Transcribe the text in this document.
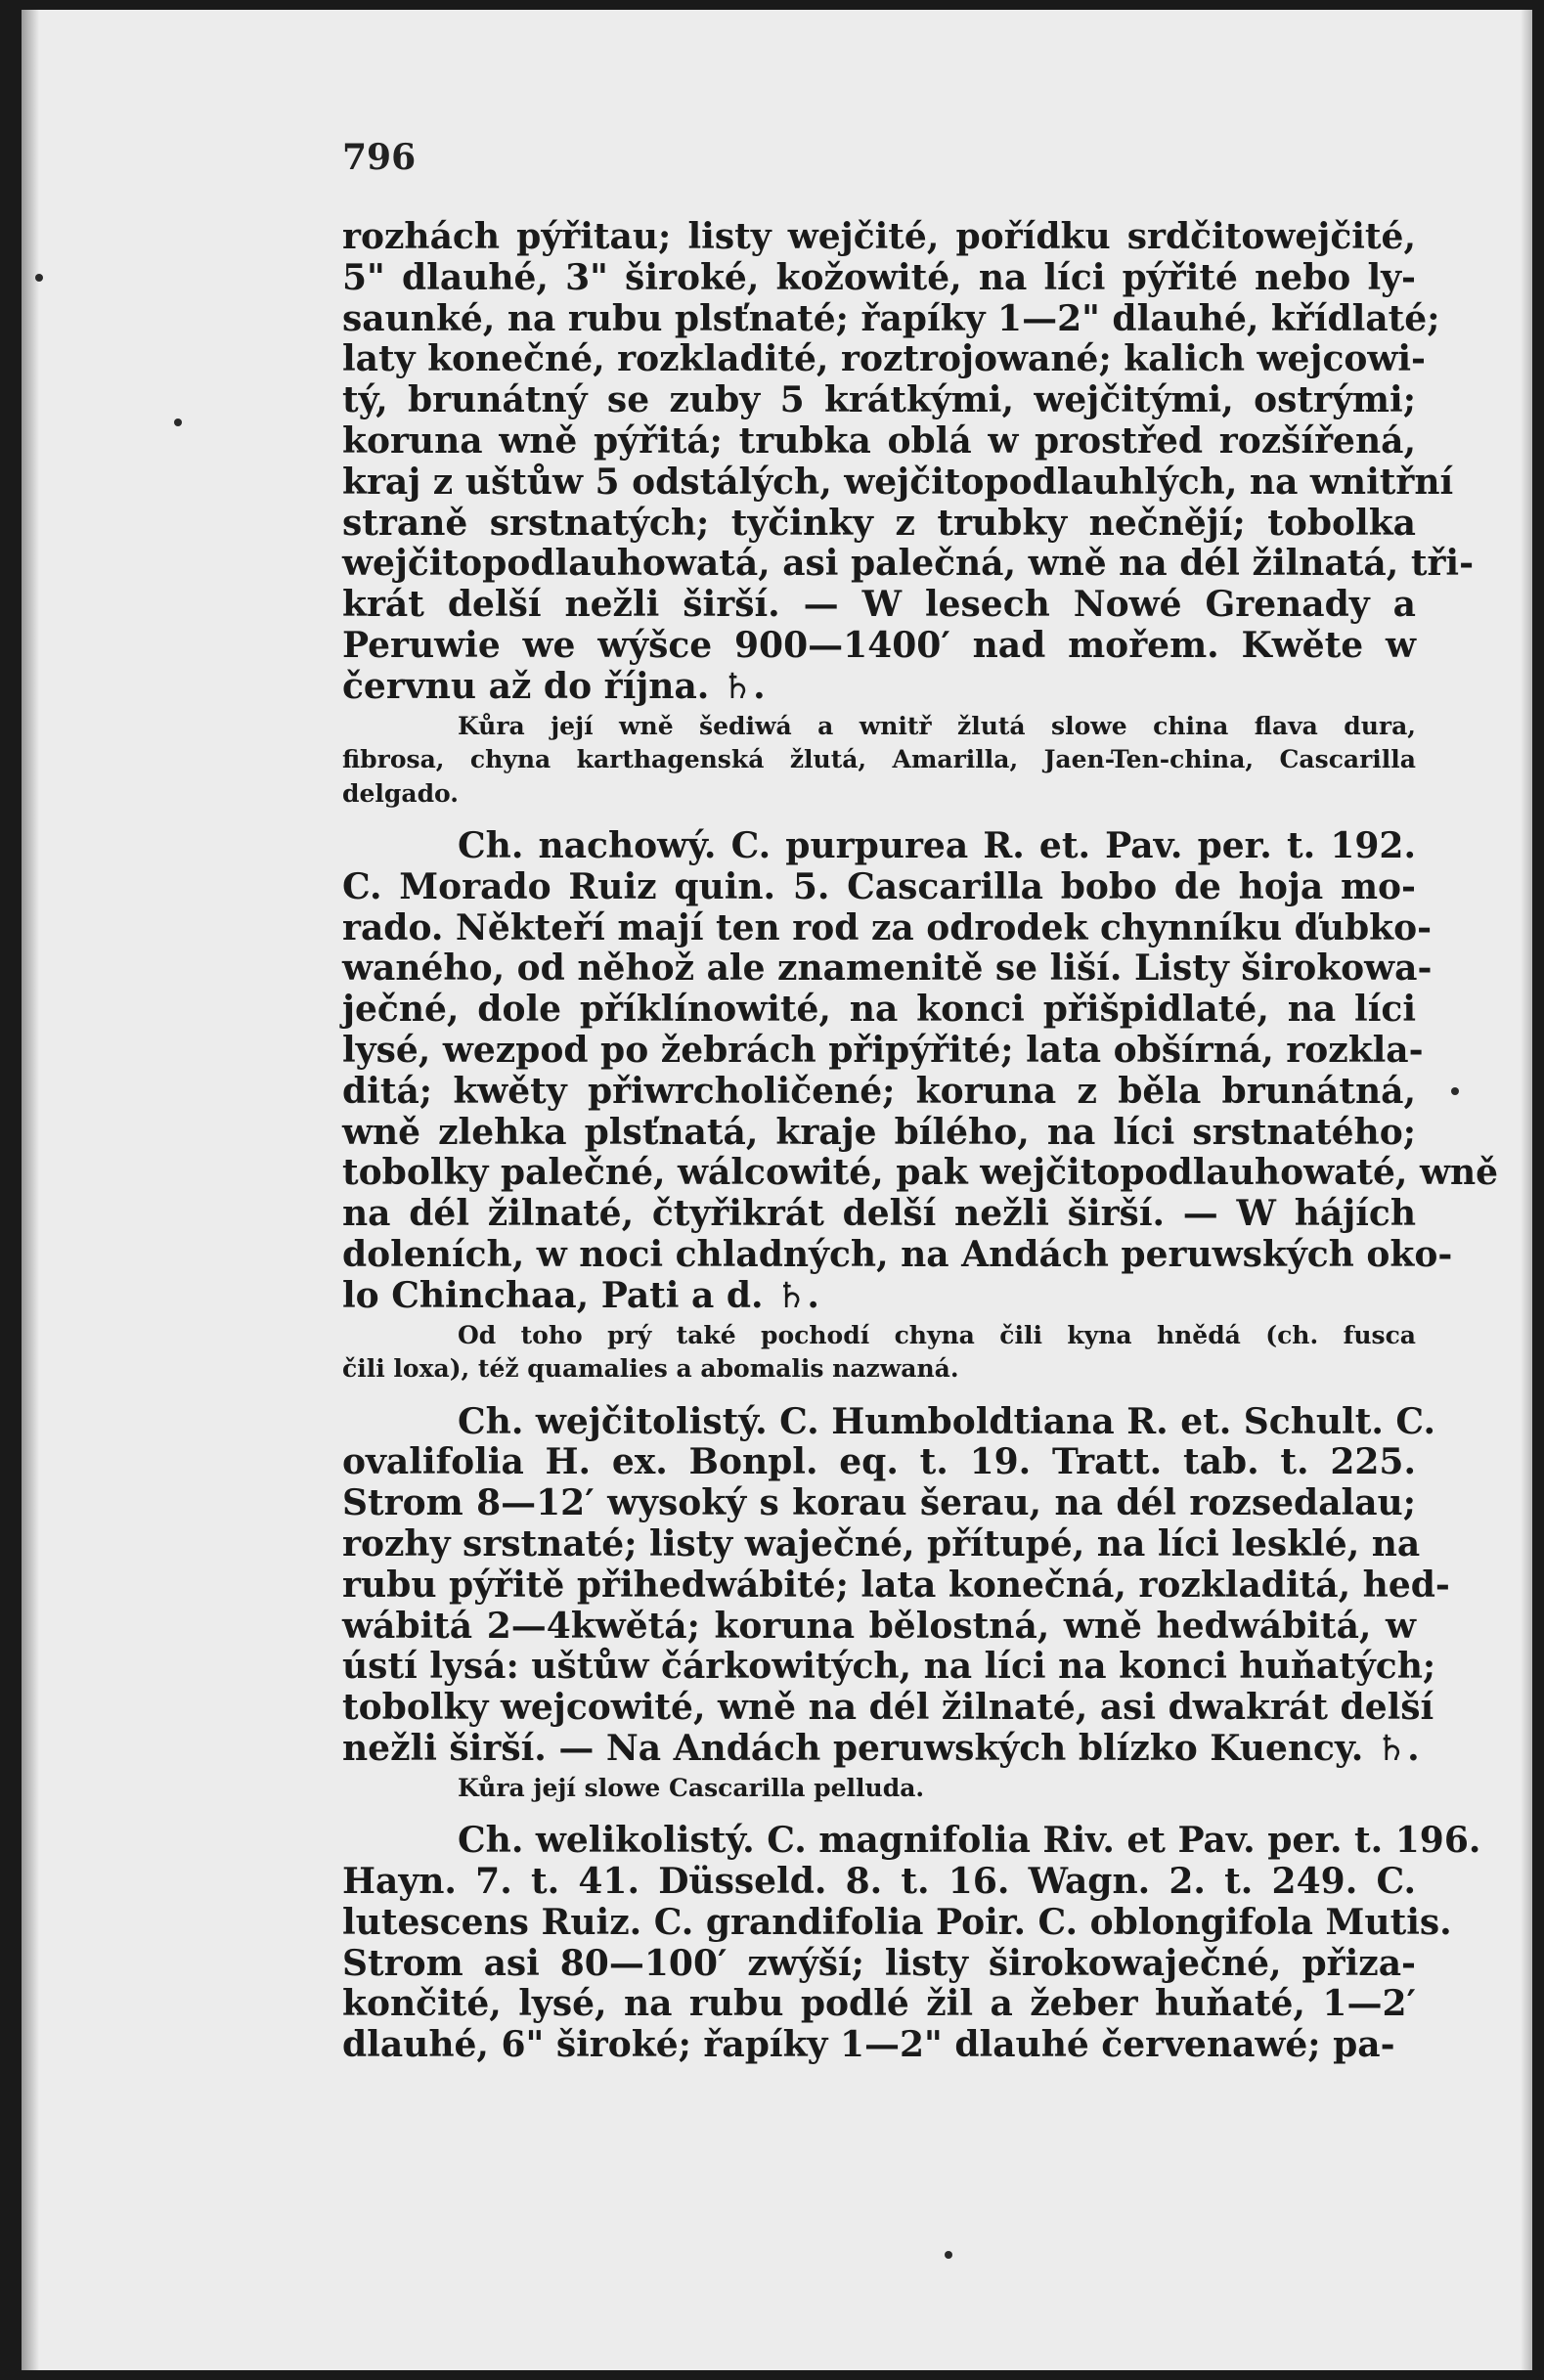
796
rozhách pýřitau; listy wejčité, pořídku srdčitowejčité,
5" dlauhé, 3" široké, kožowité, na líci pýřité nebo ly-
saunké, na rubu plsťnaté; řapíky 1—2" dlauhé, křídlaté;
laty konečné, rozkladité, roztrojowané; kalich wejcowi-
tý, brunátný se zuby 5 krátkými, wejčitými, ostrými;
koruna wně pýřitá; trubka oblá w prostřed rozšířená,
kraj z uštůw 5 odstálých, wejčitopodlauhlých, na wnitřní
straně srstnatých; tyčinky z trubky nečnějí; tobolka
wejčitopodlauhowatá, asi palečná, wně na dél žilnatá, tři-
krát delší nežli širší. — W lesech Nowé Grenady a
Peruwie we wýšce 900—1400′ nad mořem. Kwěte w
červnu až do října. ♄.
Kůra její wně šediwá a wnitř žlutá slowe china flava dura,
fibrosa, chyna karthagenská žlutá, Amarilla, Jaen-Ten-china, Cascarilla
delgado.
Ch. nachowý. C. purpurea R. et. Pav. per. t. 192.
C. Morado Ruiz quin. 5. Cascarilla bobo de hoja mo-
rado. Někteří mají ten rod za odrodek chynníku ďubko-
waného, od něhož ale znamenitě se liší. Listy širokowa-
ječné, dole příklínowité, na konci přišpidlaté, na líci
lysé, wezpod po žebrách připýřité; lata obšírná, rozkla-
ditá; kwěty přiwrcholičené; koruna z běla brunátná,
wně zlehka plsťnatá, kraje bílého, na líci srstnatého;
tobolky palečné, wálcowité, pak wejčitopodlauhowaté, wně
na dél žilnaté, čtyřikrát delší nežli širší. — W hájích
doleních, w noci chladných, na Andách peruwských oko-
lo Chinchaa, Pati a d. ♄.
Od toho prý také pochodí chyna čili kyna hnědá (ch. fusca
čili loxa), též quamalies a abomalis nazwaná.
Ch. wejčitolistý. C. Humboldtiana R. et. Schult. C.
ovalifolia H. ex. Bonpl. eq. t. 19. Tratt. tab. t. 225.
Strom 8—12′ wysoký s korau šerau, na dél rozsedalau;
rozhy srstnaté; listy waječné, přítupé, na líci lesklé, na
rubu pýřitě přihedwábité; lata konečná, rozkladitá, hed-
wábitá 2—4kwětá; koruna bělostná, wně hedwábitá, w
ústí lysá: uštůw čárkowitých, na líci na konci huňatých;
tobolky wejcowité, wně na dél žilnaté, asi dwakrát delší
nežli širší. — Na Andách peruwských blízko Kuency. ♄.
Kůra její slowe Cascarilla pelluda.
Ch. welikolistý. C. magnifolia Riv. et Pav. per. t. 196.
Hayn. 7. t. 41. Düsseld. 8. t. 16. Wagn. 2. t. 249. C.
lutescens Ruiz. C. grandifolia Poir. C. oblongifola Mutis.
Strom asi 80—100′ zwýší; listy širokowaječné, přiza-
končité, lysé, na rubu podlé žil a žeber huňaté, 1—2′
dlauhé, 6" široké; řapíky 1—2" dlauhé červenawé; pa-
